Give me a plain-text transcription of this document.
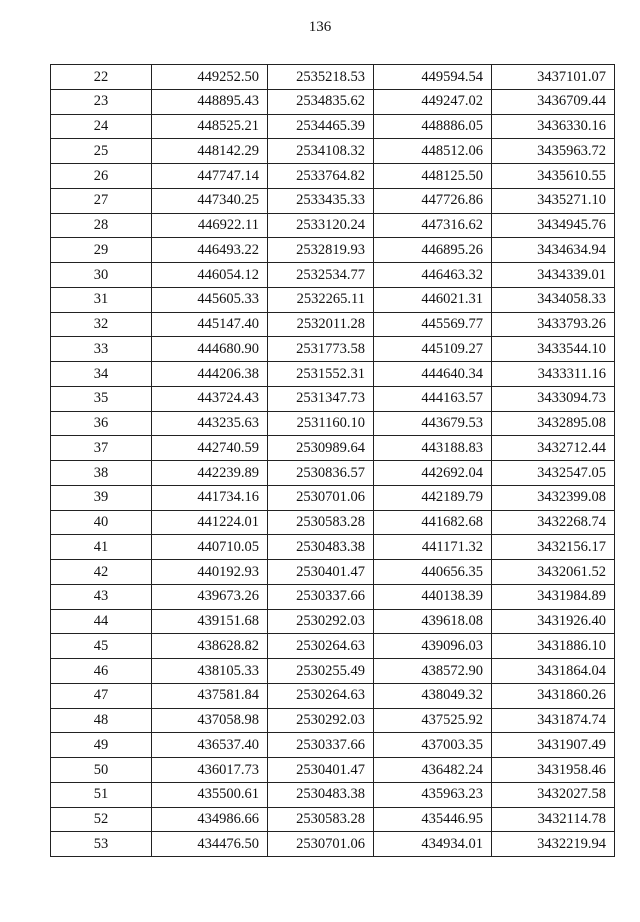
136
22	449252.50	2535218.53	449594.54	3437101.07
23	448895.43	2534835.62	449247.02	3436709.44
24	448525.21	2534465.39	448886.05	3436330.16
25	448142.29	2534108.32	448512.06	3435963.72
26	447747.14	2533764.82	448125.50	3435610.55
27	447340.25	2533435.33	447726.86	3435271.10
28	446922.11	2533120.24	447316.62	3434945.76
29	446493.22	2532819.93	446895.26	3434634.94
30	446054.12	2532534.77	446463.32	3434339.01
31	445605.33	2532265.11	446021.31	3434058.33
32	445147.40	2532011.28	445569.77	3433793.26
33	444680.90	2531773.58	445109.27	3433544.10
34	444206.38	2531552.31	444640.34	3433311.16
35	443724.43	2531347.73	444163.57	3433094.73
36	443235.63	2531160.10	443679.53	3432895.08
37	442740.59	2530989.64	443188.83	3432712.44
38	442239.89	2530836.57	442692.04	3432547.05
39	441734.16	2530701.06	442189.79	3432399.08
40	441224.01	2530583.28	441682.68	3432268.74
41	440710.05	2530483.38	441171.32	3432156.17
42	440192.93	2530401.47	440656.35	3432061.52
43	439673.26	2530337.66	440138.39	3431984.89
44	439151.68	2530292.03	439618.08	3431926.40
45	438628.82	2530264.63	439096.03	3431886.10
46	438105.33	2530255.49	438572.90	3431864.04
47	437581.84	2530264.63	438049.32	3431860.26
48	437058.98	2530292.03	437525.92	3431874.74
49	436537.40	2530337.66	437003.35	3431907.49
50	436017.73	2530401.47	436482.24	3431958.46
51	435500.61	2530483.38	435963.23	3432027.58
52	434986.66	2530583.28	435446.95	3432114.78
53	434476.50	2530701.06	434934.01	3432219.94
